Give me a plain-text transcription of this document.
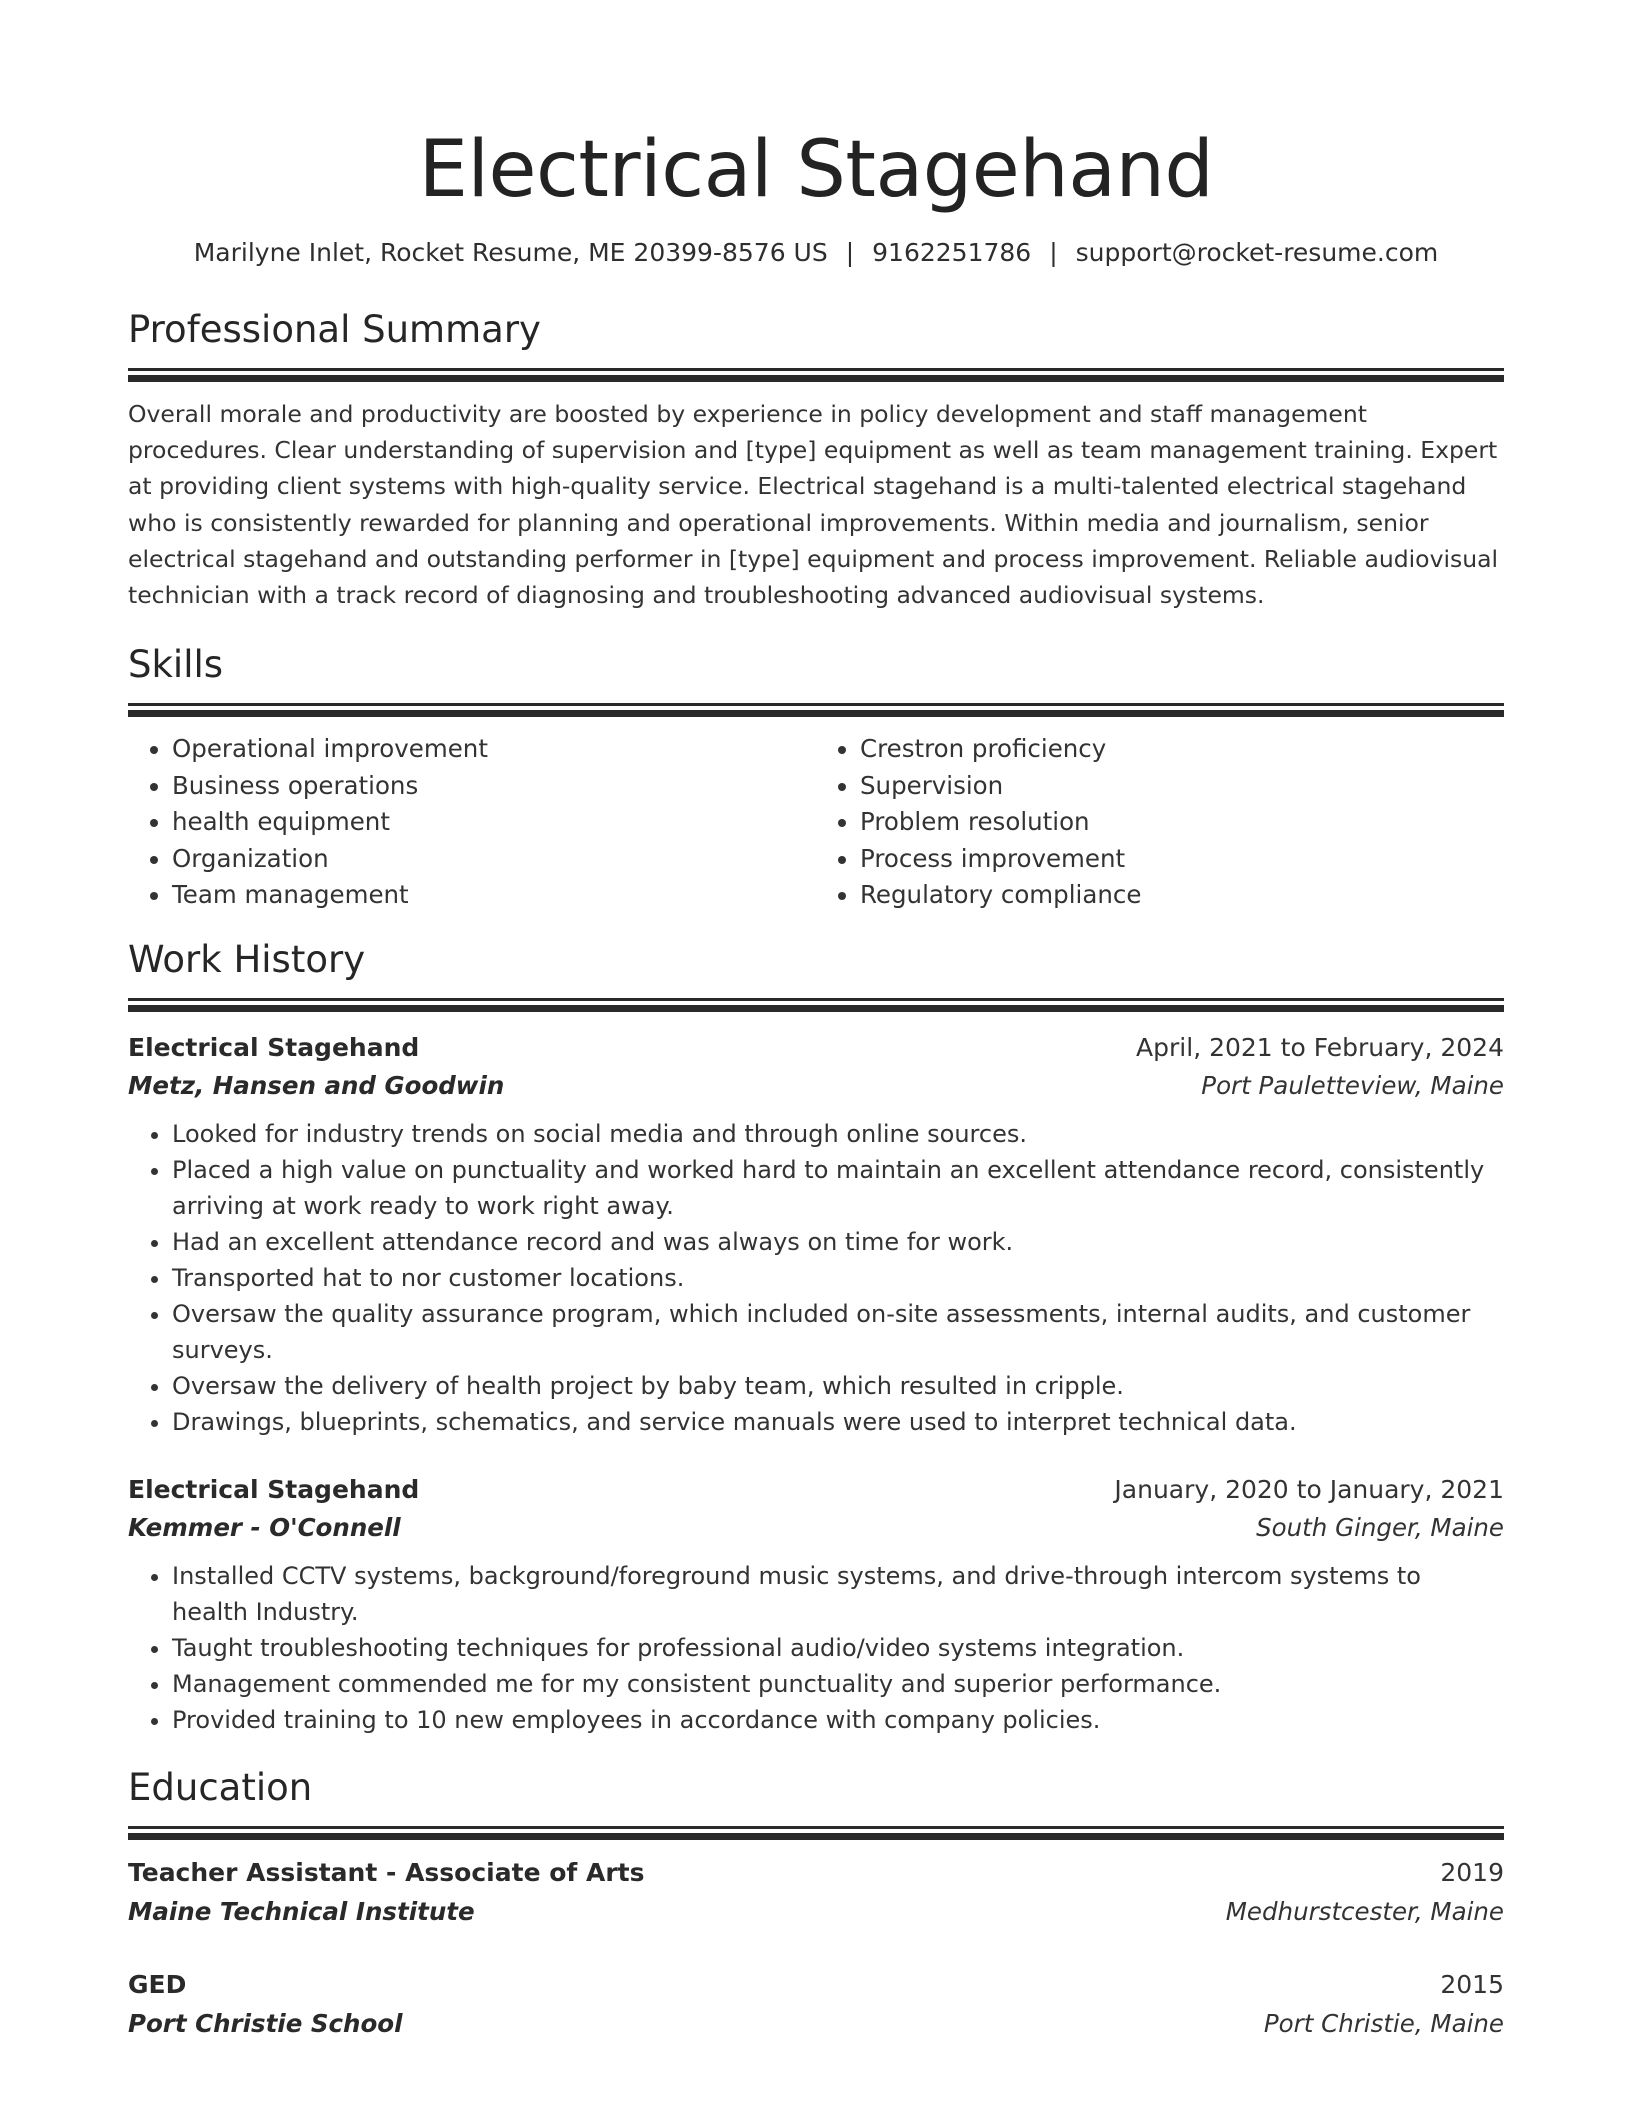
Electrical Stagehand
Marilyne Inlet, Rocket Resume, ME 20399-8576 US | 9162251786 | support@rocket-resume.com
Professional Summary
Overall morale and productivity are boosted by experience in policy development and staff management procedures. Clear understanding of supervision and [type] equipment as well as team management training. Expert at providing client systems with high-quality service. Electrical stagehand is a multi-talented electrical stagehand who is consistently rewarded for planning and operational improvements. Within media and journalism, senior electrical stagehand and outstanding performer in [type] equipment and process improvement. Reliable audiovisual technician with a track record of diagnosing and troubleshooting advanced audiovisual systems.
Skills
• Operational improvement
• Business operations
• health equipment
• Organization
• Team management
• Crestron proficiency
• Supervision
• Problem resolution
• Process improvement
• Regulatory compliance
Work History
Electrical Stagehand	April, 2021 to February, 2024
Metz, Hansen and Goodwin	Port Pauletteview, Maine
• Looked for industry trends on social media and through online sources.
• Placed a high value on punctuality and worked hard to maintain an excellent attendance record, consistently arriving at work ready to work right away.
• Had an excellent attendance record and was always on time for work.
• Transported hat to nor customer locations.
• Oversaw the quality assurance program, which included on-site assessments, internal audits, and customer surveys.
• Oversaw the delivery of health project by baby team, which resulted in cripple.
• Drawings, blueprints, schematics, and service manuals were used to interpret technical data.
Electrical Stagehand	January, 2020 to January, 2021
Kemmer - O'Connell	South Ginger, Maine
• Installed CCTV systems, background/foreground music systems, and drive-through intercom systems to health Industry.
• Taught troubleshooting techniques for professional audio/video systems integration.
• Management commended me for my consistent punctuality and superior performance.
• Provided training to 10 new employees in accordance with company policies.
Education
Teacher Assistant - Associate of Arts	2019
Maine Technical Institute	Medhurstcester, Maine
GED	2015
Port Christie School	Port Christie, Maine
